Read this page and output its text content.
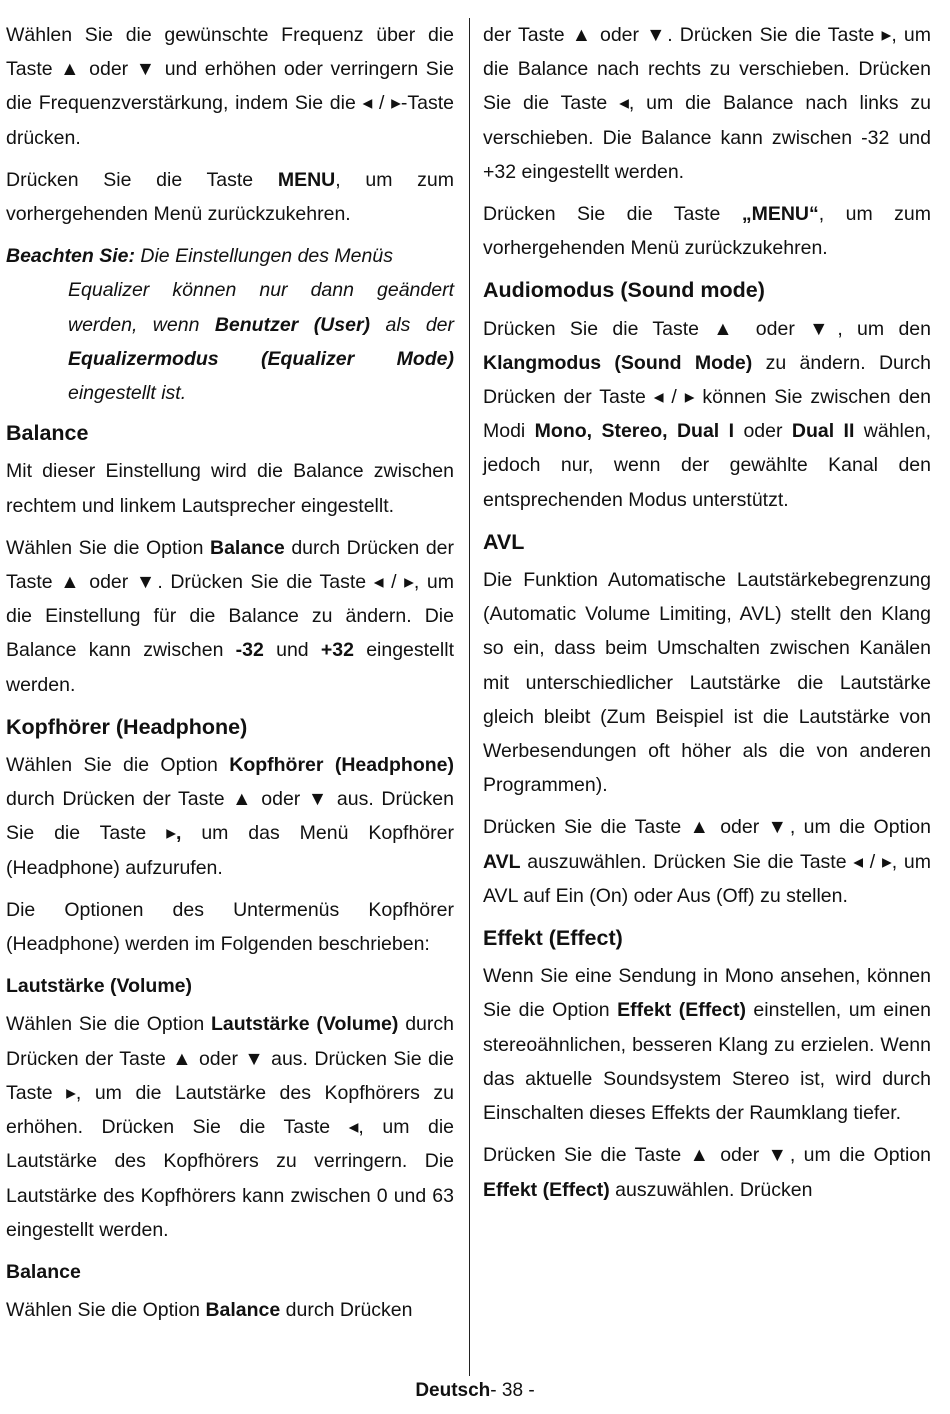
Wählen Sie die gewünschte Frequenz über die Taste ▲ oder ▼ und erhöhen oder verringern Sie die Frequenzverstärkung, indem Sie die ◂ / ▸-Taste drücken.

Drücken Sie die Taste MENU, um zum vorhergehenden Menü zurückzukehren.

Beachten Sie: Die Einstellungen des Menüs
Equalizer können nur dann geändert werden, wenn Benutzer (User) als der Equalizermodus (Equalizer Mode) eingestellt ist.
Balance

Mit dieser Einstellung wird die Balance zwischen rechtem und linkem Lautsprecher eingestellt.

Wählen Sie die Option Balance durch Drücken der Taste ▲ oder ▼. Drücken Sie die Taste ◂ / ▸, um die Einstellung für die Balance zu ändern. Die Balance kann zwischen -32 und +32 eingestellt werden.

Kopfhörer (Headphone)

Wählen Sie die Option Kopfhörer (Headphone) durch Drücken der Taste ▲ oder ▼ aus. Drücken Sie die Taste ▸, um das Menü Kopfhörer (Headphone) aufzurufen.

Die Optionen des Untermenüs Kopfhörer (Headphone) werden im Folgenden beschrieben:

Lautstärke (Volume)

Wählen Sie die Option Lautstärke (Volume) durch Drücken der Taste ▲ oder ▼ aus. Drücken Sie die Taste ▸, um die Lautstärke des Kopfhörers zu erhöhen. Drücken Sie die Taste ◂, um die Lautstärke des Kopfhörers zu verringern. Die Lautstärke des Kopfhörers kann zwischen 0 und 63 eingestellt werden.

Balance

Wählen Sie die Option Balance durch Drücken

der Taste ▲ oder ▼. Drücken Sie die Taste ▸, um die Balance nach rechts zu verschieben. Drücken Sie die Taste ◂, um die Balance nach links zu verschieben. Die Balance kann zwischen -32 und +32 eingestellt werden.

Drücken Sie die Taste „MENU“, um zum vorhergehenden Menü zurückzukehren.

Audiomodus (Sound mode)

Drücken Sie die Taste ▲ oder ▼, um den Klangmodus (Sound Mode) zu ändern. Durch Drücken der Taste ◂ / ▸ können Sie zwischen den Modi Mono, Stereo, Dual I oder Dual II wählen, jedoch nur, wenn der gewählte Kanal den entsprechenden Modus unterstützt.

AVL

Die Funktion Automatische Lautstärkebegrenzung (Automatic Volume Limiting, AVL) stellt den Klang so ein, dass beim Umschalten zwischen Kanälen mit unterschiedlicher Lautstärke die Lautstärke gleich bleibt (Zum Beispiel ist die Lautstärke von Werbesendungen oft höher als die von anderen Programmen).

Drücken Sie die Taste ▲ oder ▼, um die Option AVL auszuwählen. Drücken Sie die Taste ◂ / ▸, um AVL auf Ein (On) oder Aus (Off) zu stellen.

Effekt (Effect)

Wenn Sie eine Sendung in Mono ansehen, können Sie die Option Effekt (Effect) einstellen, um einen stereoähnlichen, besseren Klang zu erzielen. Wenn das aktuelle Soundsystem Stereo ist, wird durch Einschalten dieses Effekts der Raumklang tiefer.

Drücken Sie die Taste ▲ oder ▼, um die Option Effekt (Effect) auszuwählen. Drücken

Deutsch- 38 -
